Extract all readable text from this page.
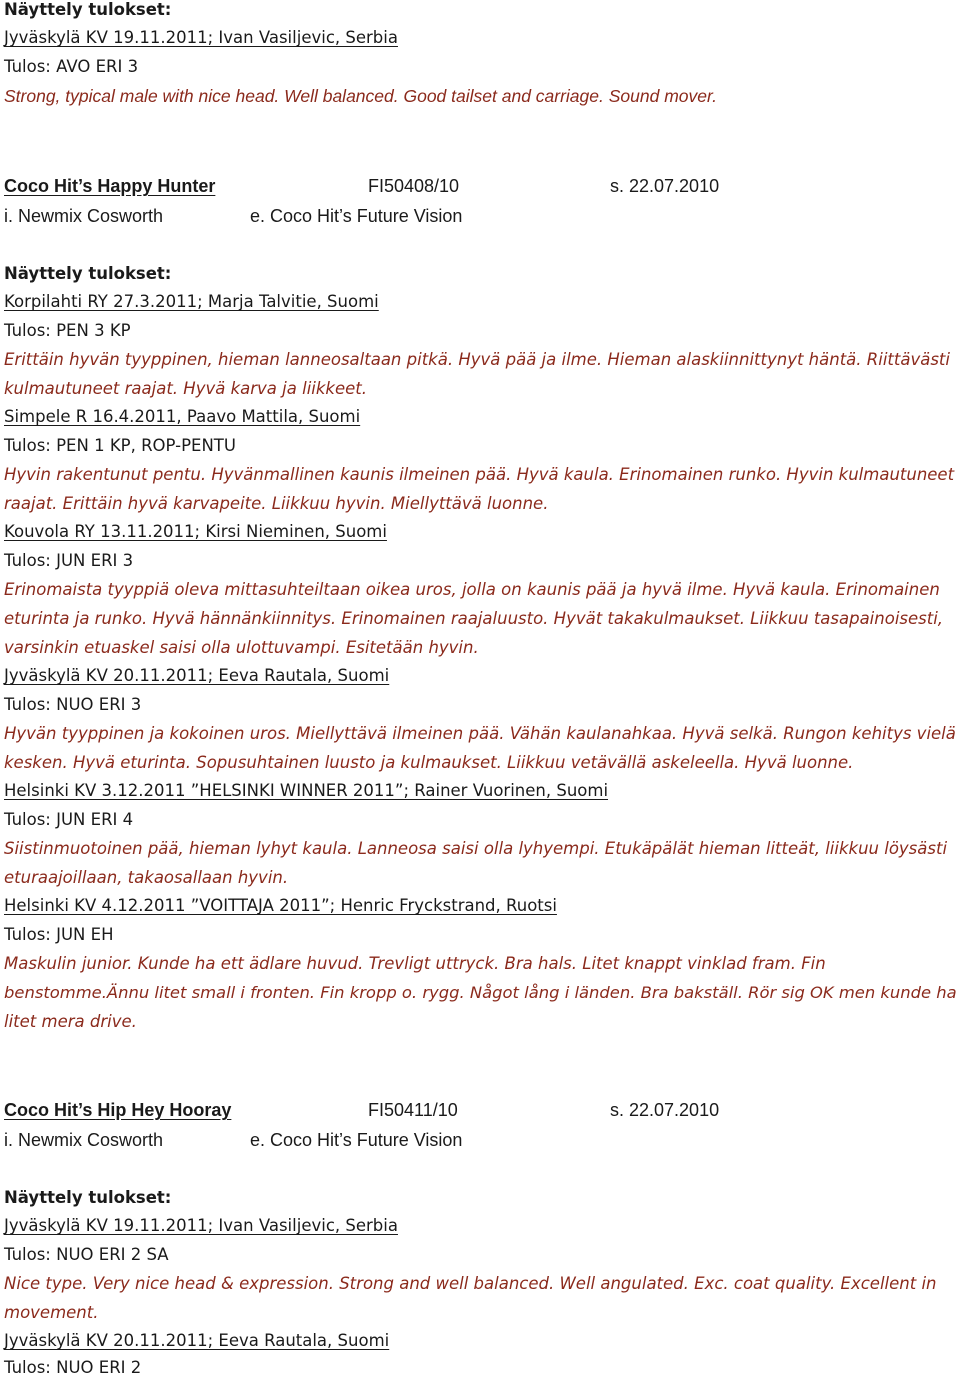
Näyttely tulokset:
Jyväskylä KV 19.11.2011; Ivan Vasiljevic, Serbia
Tulos: AVO ERI 3
Strong, typical male with nice head. Well balanced. Good tailset and carriage. Sound mover.
Coco Hit’s Happy Hunter	FI50408/10	s. 22.07.2010
i. Newmix Cosworth	e. Coco Hit’s Future Vision
Näyttely tulokset:
Korpilahti RY 27.3.2011; Marja Talvitie, Suomi
Tulos: PEN 3 KP
Erittäin hyvän tyyppinen, hieman lanneosaltaan pitkä. Hyvä pää ja ilme. Hieman alaskiinnittynyt häntä. Riittävästi
kulmautuneet raajat. Hyvä karva ja liikkeet.
Simpele R 16.4.2011, Paavo Mattila, Suomi
Tulos: PEN 1 KP, ROP-PENTU
Hyvin rakentunut pentu. Hyvänmallinen kaunis ilmeinen pää. Hyvä kaula. Erinomainen runko. Hyvin kulmautuneet
raajat. Erittäin hyvä karvapeite. Liikkuu hyvin. Miellyttävä luonne.
Kouvola RY 13.11.2011; Kirsi Nieminen, Suomi
Tulos: JUN ERI 3
Erinomaista tyyppiä oleva mittasuhteiltaan oikea uros, jolla on kaunis pää ja hyvä ilme. Hyvä kaula. Erinomainen
eturinta ja runko. Hyvä hännänkiinnitys. Erinomainen raajaluusto. Hyvät takakulmaukset. Liikkuu tasapainoisesti,
varsinkin etuaskel saisi olla ulottuvampi. Esitetään hyvin.
Jyväskylä KV 20.11.2011; Eeva Rautala, Suomi
Tulos: NUO ERI 3
Hyvän tyyppinen ja kokoinen uros. Miellyttävä ilmeinen pää. Vähän kaulanahkaa. Hyvä selkä. Rungon kehitys vielä
kesken. Hyvä eturinta. Sopusuhtainen luusto ja kulmaukset. Liikkuu vetävällä askeleella. Hyvä luonne.
Helsinki KV 3.12.2011 ”HELSINKI WINNER 2011”; Rainer Vuorinen, Suomi
Tulos: JUN ERI 4
Siistinmuotoinen pää, hieman lyhyt kaula. Lanneosa saisi olla lyhyempi. Etukäpälät hieman litteät, liikkuu löysästi
eturaajoillaan, takaosallaan hyvin.
Helsinki KV 4.12.2011 ”VOITTAJA 2011”; Henric Fryckstrand, Ruotsi
Tulos: JUN EH
Maskulin junior. Kunde ha ett ädlare huvud. Trevligt uttryck. Bra hals. Litet knappt vinklad fram. Fin
benstomme.Ännu litet small i fronten. Fin kropp o. rygg. Något lång i länden. Bra bakställ. Rör sig OK men kunde ha
litet mera drive.
Coco Hit’s Hip Hey Hooray	FI50411/10	s. 22.07.2010
i. Newmix Cosworth	e. Coco Hit’s Future Vision
Näyttely tulokset:
Jyväskylä KV 19.11.2011; Ivan Vasiljevic, Serbia
Tulos: NUO ERI 2 SA
Nice type. Very nice head & expression. Strong and well balanced. Well angulated. Exc. coat quality. Excellent in
movement.
Jyväskylä KV 20.11.2011; Eeva Rautala, Suomi
Tulos: NUO ERI 2
